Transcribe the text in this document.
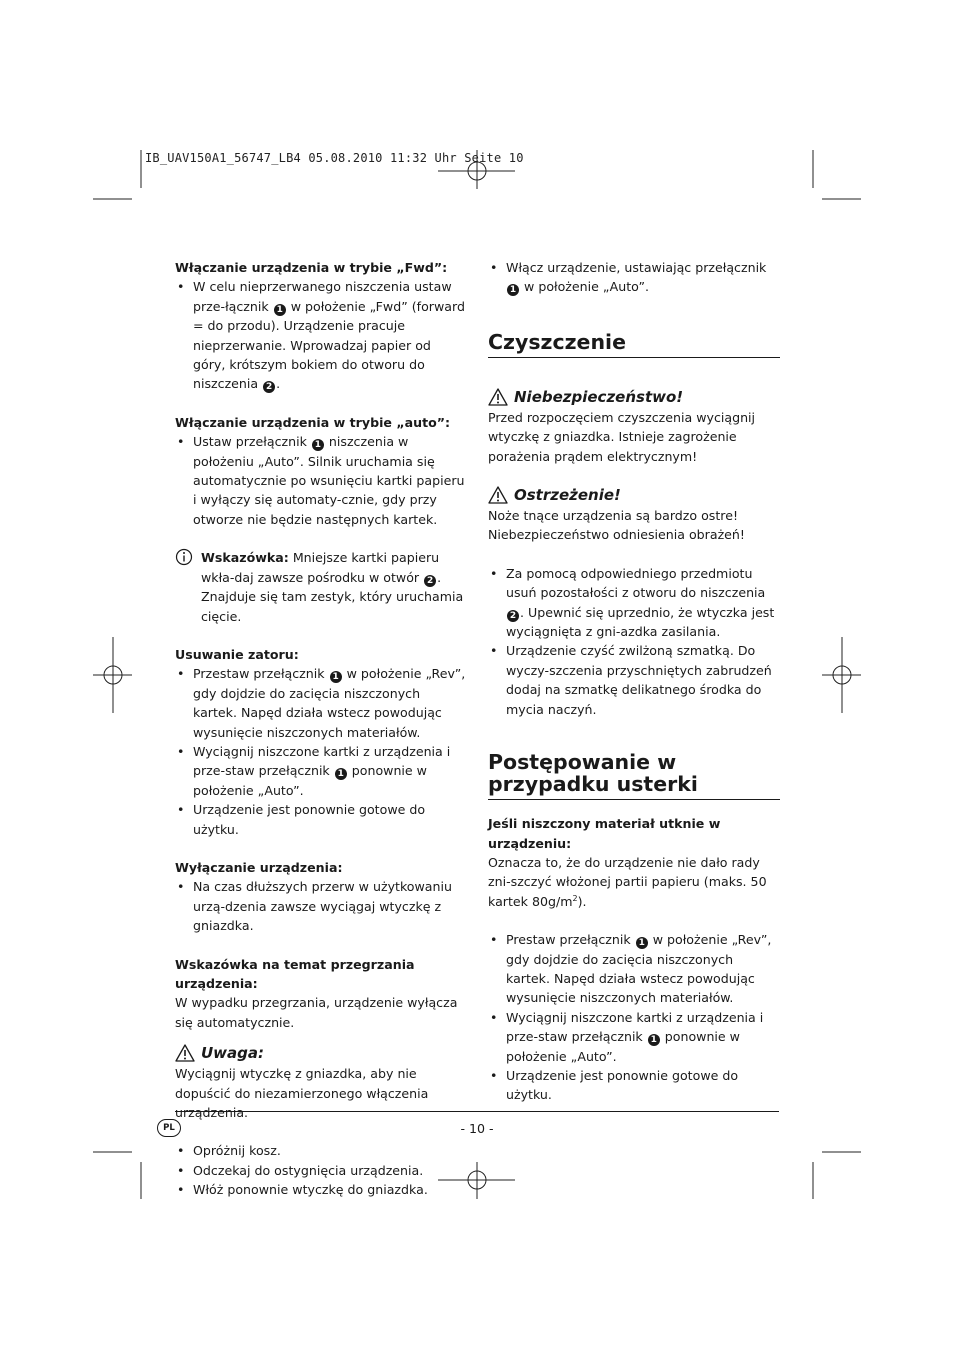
IB_UAV150A1_56747_LB4 05.08.2010 11:32 Uhr Seite 10

Włączanie urządzenia w trybie „Fwd”:

• W celu nieprzerwanego niszczenia ustaw prze-łącznik 1 w położenie „Fwd” (forward = do przodu). Urządzenie pracuje nieprzerwanie. Wprowadzaj papier od góry, krótszym bokiem do otworu do niszczenia 2 .

Włączanie urządzenia w trybie „auto”:

• Ustaw przełącznik 1 niszczenia w położeniu „Auto”. Silnik uruchamia się automatycznie po wsunięciu kartki papieru i wyłączy się automaty-cznie, gdy przy otworze nie będzie następnych kartek.
Wskazówka: Mniejsze kartki papieru wkła-daj zawsze pośrodku w otwór 2 . Znajduje się tam zestyk, który uruchamia cięcie.

Usuwanie zatoru:

• Przestaw przełącznik 1 w położenie „Rev”, gdy dojdzie do zacięcia niszczonych kartek. Napęd działa wstecz powodując wysunięcie niszczonych materiałów.
• Wyciągnij niszczone kartki z urządzenia i prze-staw przełącznik 1 ponownie w położenie „Auto”.
• Urządzenie jest ponownie gotowe do użytku.

Wyłączanie urządzenia:

• Na czas dłuższych przerw w użytkowaniu urzą-dzenia zawsze wyciągaj wtyczkę z gniazdka.

Wskazówka na temat przegrzania urządzenia:

W wypadku przegrzania, urządzenie wyłącza się automatycznie.

Uwaga:

Wyciągnij wtyczkę z gniazdka, aby nie dopuścić do niezamierzonego włączenia urządzenia.

• Opróżnij kosz.
• Odczekaj do ostygnięcia urządzenia.
• Włóż ponownie wtyczkę do gniazdka.
• Włącz urządzenie, ustawiając przełącznik 1 w położenie „Auto”.
Czyszczenie

Niebezpieczeństwo!

Przed rozpoczęciem czyszczenia wyciągnij wtyczkę z gniazdka. Istnieje zagrożenie porażenia prądem elektrycznym!

Ostrzeżenie!

Noże tnące urządzenia są bardzo ostre!

Niebezpieczeństwo odniesienia obrażeń!

• Za pomocą odpowiedniego przedmiotu usuń pozostałości z otworu do niszczenia 2 . Upewnić się uprzednio, że wtyczka jest wyciągnięta z gni-azdka zasilania.
• Urządzenie czyść zwilżoną szmatką. Do wyczy-szczenia przyschniętych zabrudzeń dodaj na szmatkę delikatnego środka do mycia naczyń.
Postępowanie w przypadku usterki

Jeśli niszczony materiał utknie w urządzeniu:

Oznacza to, że do urządzenie nie dało rady zni-szczyć włożonej partii papieru (maks. 50 kartek $80g/m^2$).

• Prestaw przełącznik 1 w położenie „Rev”, gdy dojdzie do zacięcia niszczonych kartek. Napęd działa wstecz powodując wysunięcie niszczonych materiałów.
• Wyciągnij niszczone kartki z urządzenia i prze-staw przełącznik 1 ponownie w położenie „Auto”.
• Urządzenie jest ponownie gotowe do użytku.
PL	- 10 -
